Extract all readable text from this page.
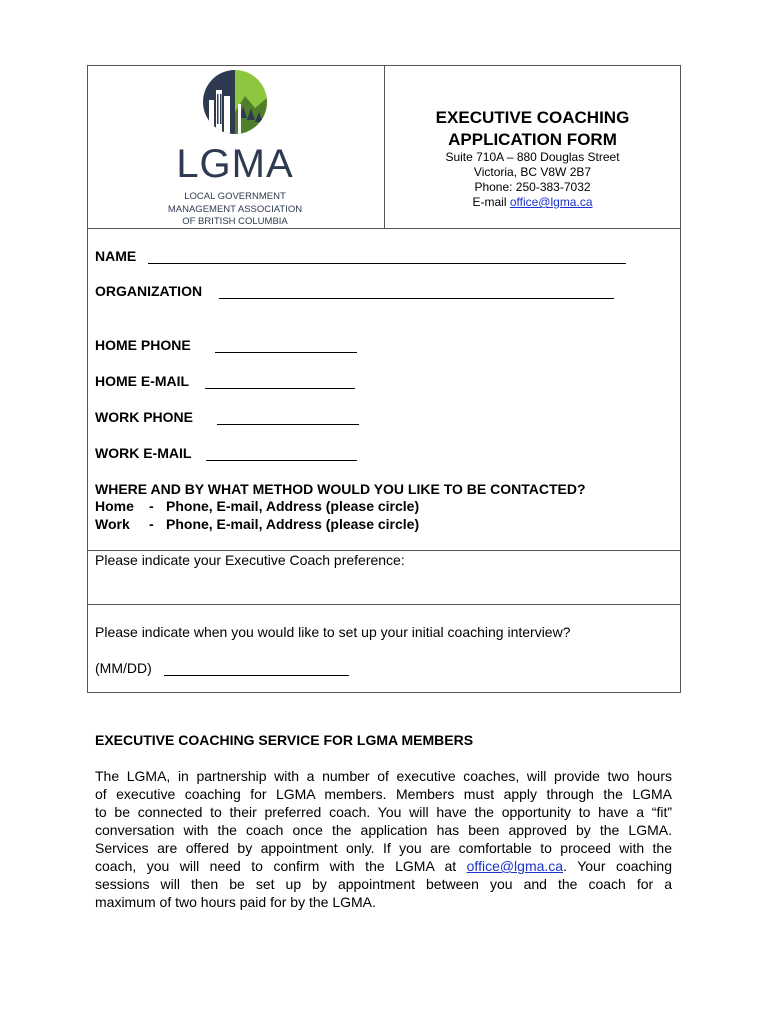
LGMA
LOCAL GOVERNMENT
MANAGEMENT ASSOCIATION
OF BRITISH COLUMBIA
EXECUTIVE COACHING
APPLICATION FORM
Suite 710A – 880 Douglas Street
Victoria, BC V8W 2B7
Phone: 250-383-7032
E-mail office@lgma.ca
NAME
ORGANIZATION
HOME PHONE
HOME E-MAIL
WORK PHONE
WORK E-MAIL
WHERE AND BY WHAT METHOD WOULD YOU LIKE TO BE CONTACTED?
Home - Phone, E-mail, Address (please circle)
Work - Phone, E-mail, Address (please circle)
Please indicate your Executive Coach preference:
Please indicate when you would like to set up your initial coaching interview?
(MM/DD)
EXECUTIVE COACHING SERVICE FOR LGMA MEMBERS
The LGMA, in partnership with a number of executive coaches, will provide two hours
of executive coaching for LGMA members. Members must apply through the LGMA
to be connected to their preferred coach. You will have the opportunity to have a “fit”
conversation with the coach once the application has been approved by the LGMA.
Services are offered by appointment only. If you are comfortable to proceed with the
coach, you will need to confirm with the LGMA at office@lgma.ca. Your coaching
sessions will then be set up by appointment between you and the coach for a
maximum of two hours paid for by the LGMA.
